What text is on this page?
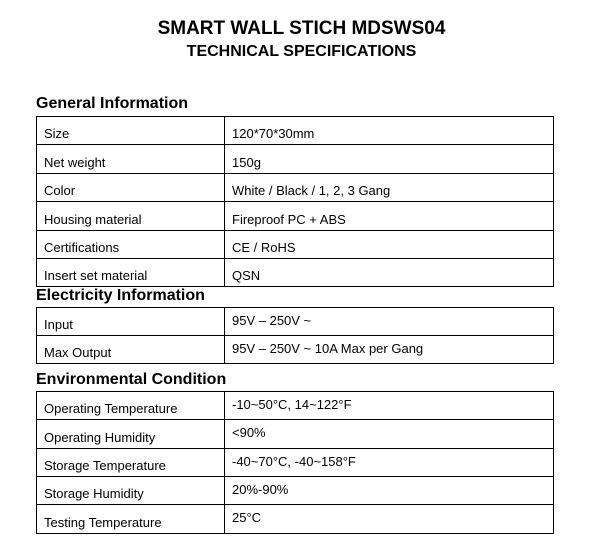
SMART WALL STICH MDSWS04
TECHNICAL SPECIFICATIONS
General Information
Size	120*70*30mm
Net weight	150g
Color	White / Black / 1, 2, 3 Gang
Housing material	Fireproof PC + ABS
Certifications	CE / RoHS
Insert set material	QSN
Electricity Information
Input	95V – 250V ~
Max Output	95V – 250V ~ 10A Max per Gang
Environmental Condition
Operating Temperature	-10~50°C, 14~122°F
Operating Humidity	<90%
Storage Temperature	-40~70°C, -40~158°F
Storage Humidity	20%-90%
Testing Temperature	25°C
